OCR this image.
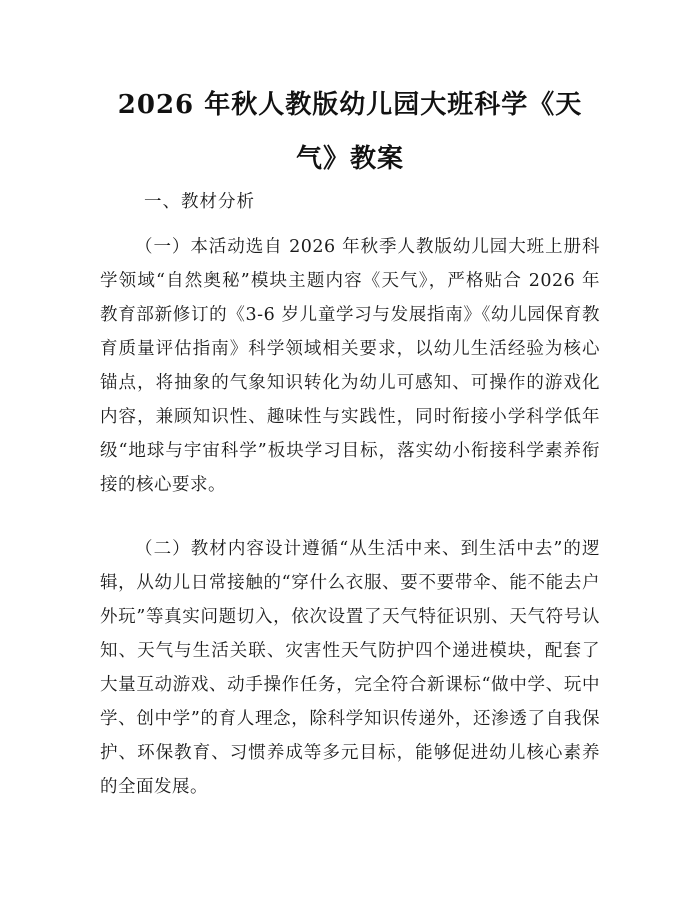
2026 年秋人教版幼儿园大班科学《天气》教案
一、教材分析

（一）本活动选自 2026 年秋季人教版幼儿园大班上册科学领域“自然奥秘”模块主题内容《天气》，严格贴合 2026 年教育部新修订的《3-6 岁儿童学习与发展指南》《幼儿园保育教育质量评估指南》科学领域相关要求，以幼儿生活经验为核心锚点，将抽象的气象知识转化为幼儿可感知、可操作的游戏化内容，兼顾知识性、趣味性与实践性，同时衔接小学科学低年级“地球与宇宙科学”板块学习目标，落实幼小衔接科学素养衔接的核心要求。

（二）教材内容设计遵循“从生活中来、到生活中去”的逻辑，从幼儿日常接触的“穿什么衣服、要不要带伞、能不能去户外玩”等真实问题切入，依次设置了天气特征识别、天气符号认知、天气与生活关联、灾害性天气防护四个递进模块，配套了大量互动游戏、动手操作任务，完全符合新课标“做中学、玩中学、创中学”的育人理念，除科学知识传递外，还渗透了自我保护、环保教育、习惯养成等多元目标，能够促进幼儿核心素养的全面发展。
